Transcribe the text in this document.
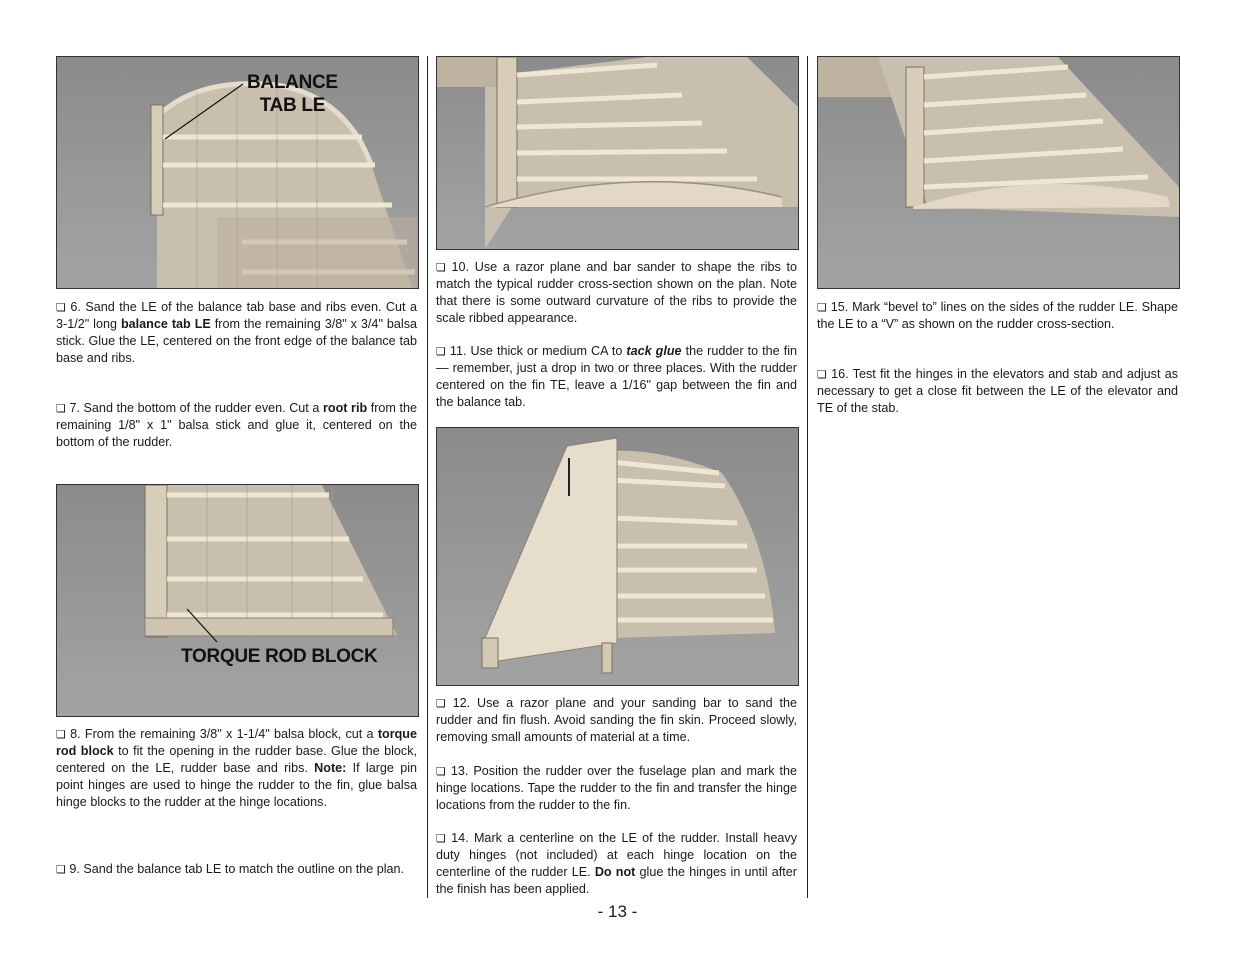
BALANCE
TAB LE

❏ 6. Sand the LE of the balance tab base and ribs even. Cut a 3-1/2" long balance tab LE from the remaining 3/8" x 3/4" balsa stick. Glue the LE, centered on the front edge of the balance tab base and ribs.

❏ 7. Sand the bottom of the rudder even. Cut a root rib from the remaining 1/8" x 1" balsa stick and glue it, centered on the bottom of the rudder.

TORQUE ROD BLOCK

❏ 8. From the remaining 3/8" x 1-1/4" balsa block, cut a torque rod block to fit the opening in the rudder base. Glue the block, centered on the LE, rudder base and ribs. Note: If large pin point hinges are used to hinge the rudder to the fin, glue balsa hinge blocks to the rudder at the hinge locations.

❏ 9. Sand the balance tab LE to match the outline on the plan.

❏ 10. Use a razor plane and bar sander to shape the ribs to match the typical rudder cross-section shown on the plan. Note that there is some outward curvature of the ribs to provide the scale ribbed appearance.

❏ 11. Use thick or medium CA to tack glue the rudder to the fin — remember, just a drop in two or three places. With the rudder centered on the fin TE, leave a 1/16" gap between the fin and the balance tab.

❏ 12. Use a razor plane and your sanding bar to sand the rudder and fin flush. Avoid sanding the fin skin. Proceed slowly, removing small amounts of material at a time.

❏ 13. Position the rudder over the fuselage plan and mark the hinge locations. Tape the rudder to the fin and transfer the hinge locations from the rudder to the fin.

❏ 14. Mark a centerline on the LE of the rudder. Install heavy duty hinges (not included) at each hinge location on the centerline of the rudder LE. Do not glue the hinges in until after the finish has been applied.

❏ 15. Mark “bevel to” lines on the sides of the rudder LE. Shape the LE to a “V” as shown on the rudder cross-section.

❏ 16. Test fit the hinges in the elevators and stab and adjust as necessary to get a close fit between the LE of the elevator and TE of the stab.

- 13 -
